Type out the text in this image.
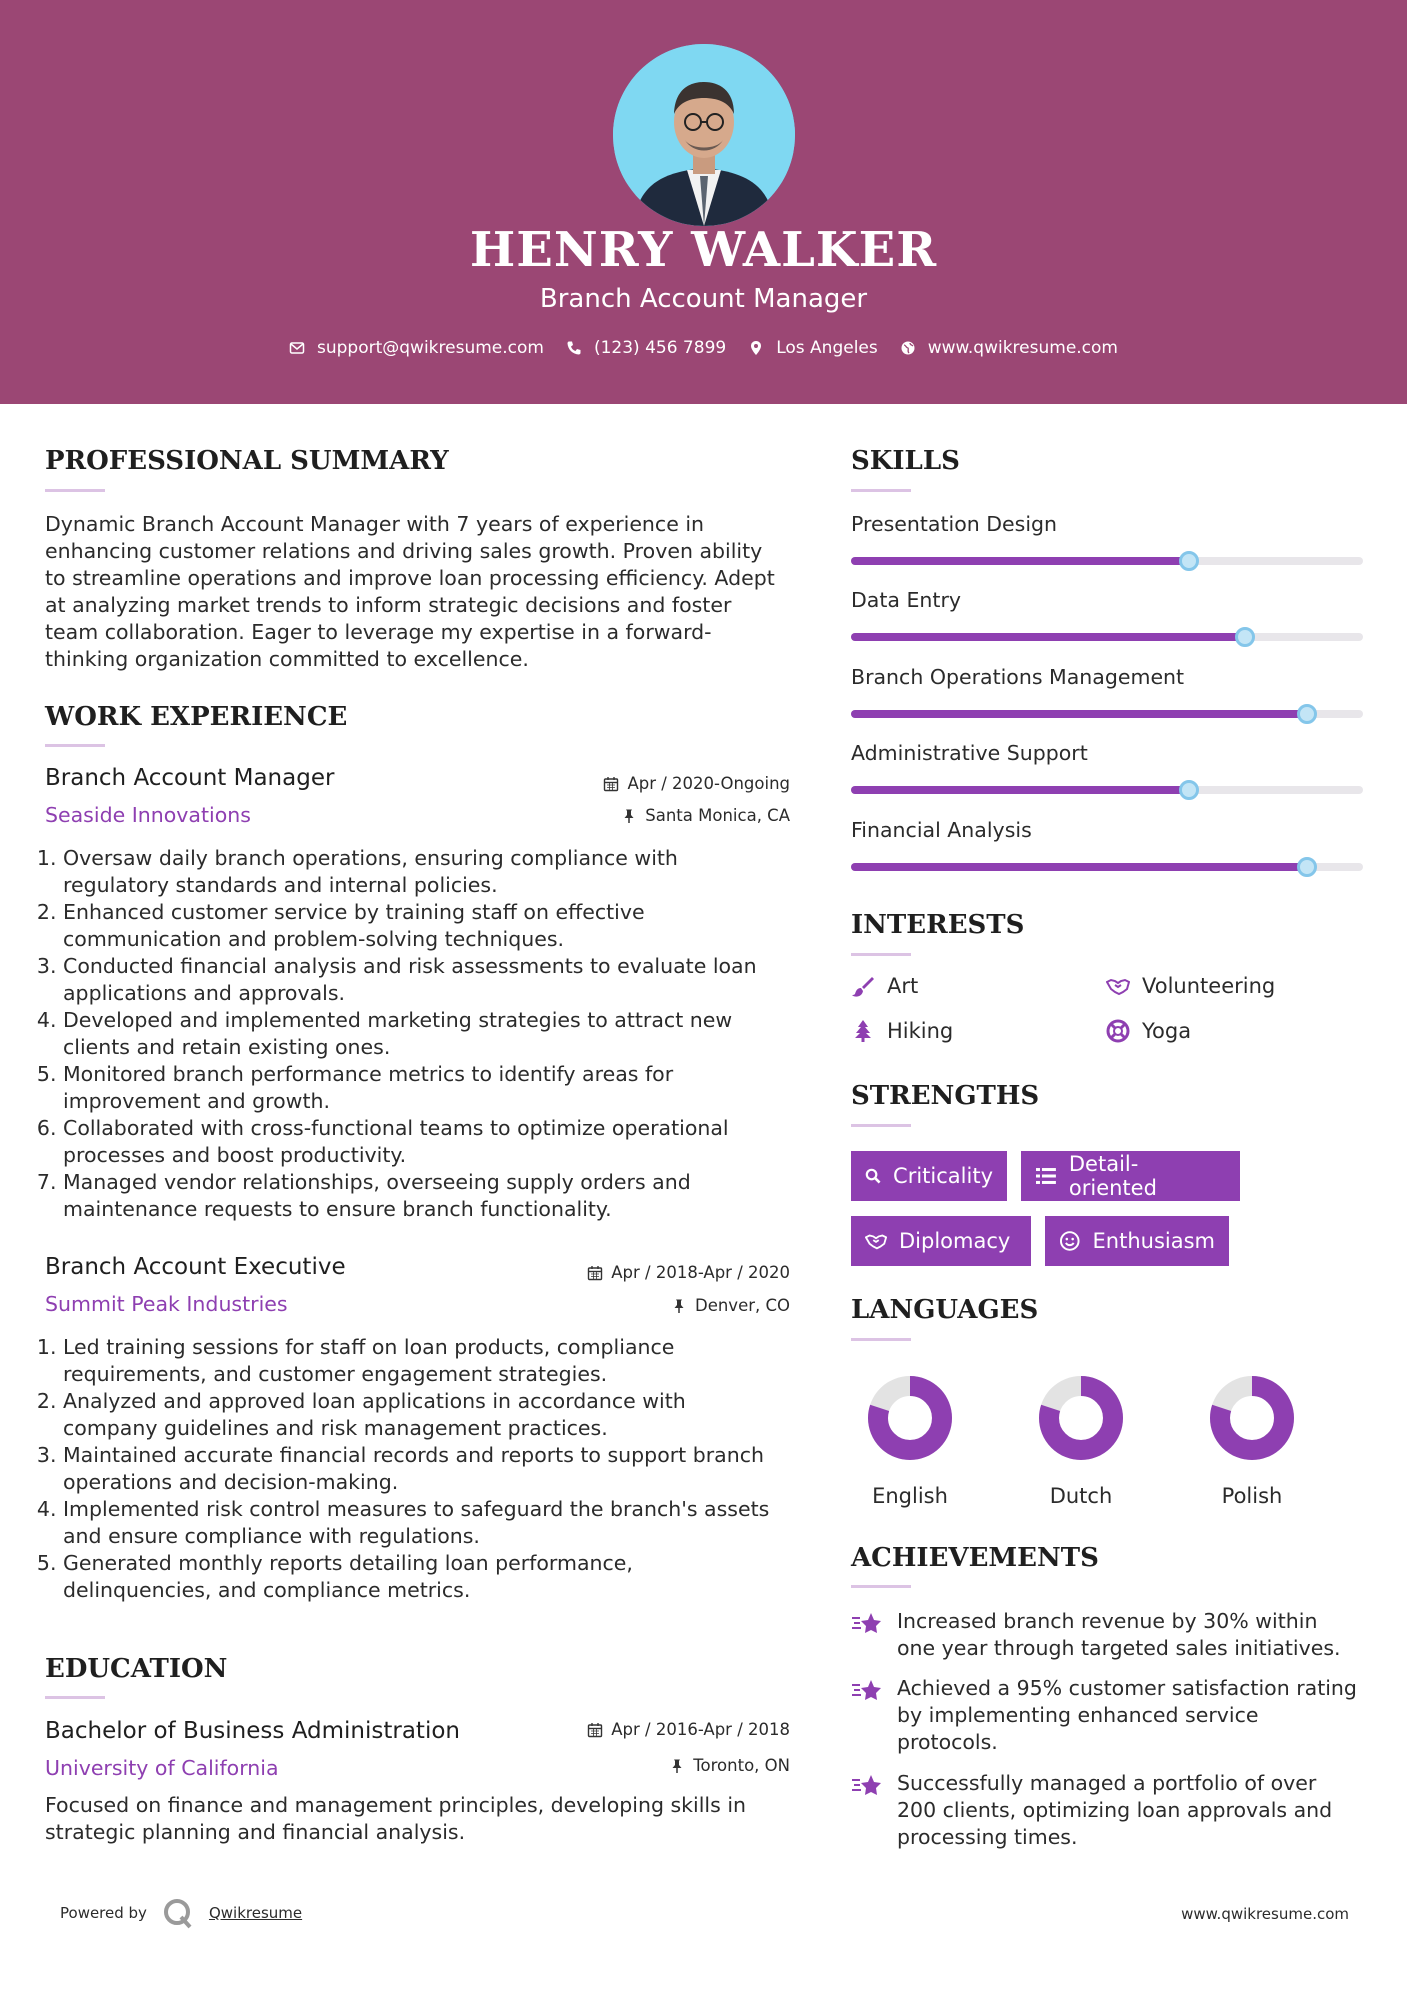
HENRY WALKER
Branch Account Manager
support@qwikresume.com	(123) 456 7899	Los Angeles	www.qwikresume.com
PROFESSIONAL SUMMARY
Dynamic Branch Account Manager with 7 years of experience in
enhancing customer relations and driving sales growth. Proven ability
to streamline operations and improve loan processing efficiency. Adept
at analyzing market trends to inform strategic decisions and foster
team collaboration. Eager to leverage my expertise in a forward-
thinking organization committed to excellence.
WORK EXPERIENCE
Branch Account Manager
Seaside Innovations
Apr / 2020-Ongoing
Santa Monica, CA
1. Oversaw daily branch operations, ensuring compliance with
regulatory standards and internal policies.
2. Enhanced customer service by training staff on effective
communication and problem-solving techniques.
3. Conducted financial analysis and risk assessments to evaluate loan
applications and approvals.
4. Developed and implemented marketing strategies to attract new
clients and retain existing ones.
5. Monitored branch performance metrics to identify areas for
improvement and growth.
6. Collaborated with cross-functional teams to optimize operational
processes and boost productivity.
7. Managed vendor relationships, overseeing supply orders and
maintenance requests to ensure branch functionality.
Branch Account Executive
Summit Peak Industries
Apr / 2018-Apr / 2020
Denver, CO
1. Led training sessions for staff on loan products, compliance
requirements, and customer engagement strategies.
2. Analyzed and approved loan applications in accordance with
company guidelines and risk management practices.
3. Maintained accurate financial records and reports to support branch
operations and decision-making.
4. Implemented risk control measures to safeguard the branch's assets
and ensure compliance with regulations.
5. Generated monthly reports detailing loan performance,
delinquencies, and compliance metrics.
EDUCATION
Bachelor of Business Administration
University of California
Apr / 2016-Apr / 2018
Toronto, ON
Focused on finance and management principles, developing skills in
strategic planning and financial analysis.
SKILLS
Presentation Design
Data Entry
Branch Operations Management
Administrative Support
Financial Analysis
INTERESTS
Art	Volunteering
Hiking	Yoga
STRENGTHS
Criticality	Detail-oriented
Diplomacy	Enthusiasm
LANGUAGES
English	Dutch	Polish
ACHIEVEMENTS
Increased branch revenue by 30% within
one year through targeted sales initiatives.
Achieved a 95% customer satisfaction rating
by implementing enhanced service
protocols.
Successfully managed a portfolio of over
200 clients, optimizing loan approvals and
processing times.
Powered by	Qwikresume	www.qwikresume.com
